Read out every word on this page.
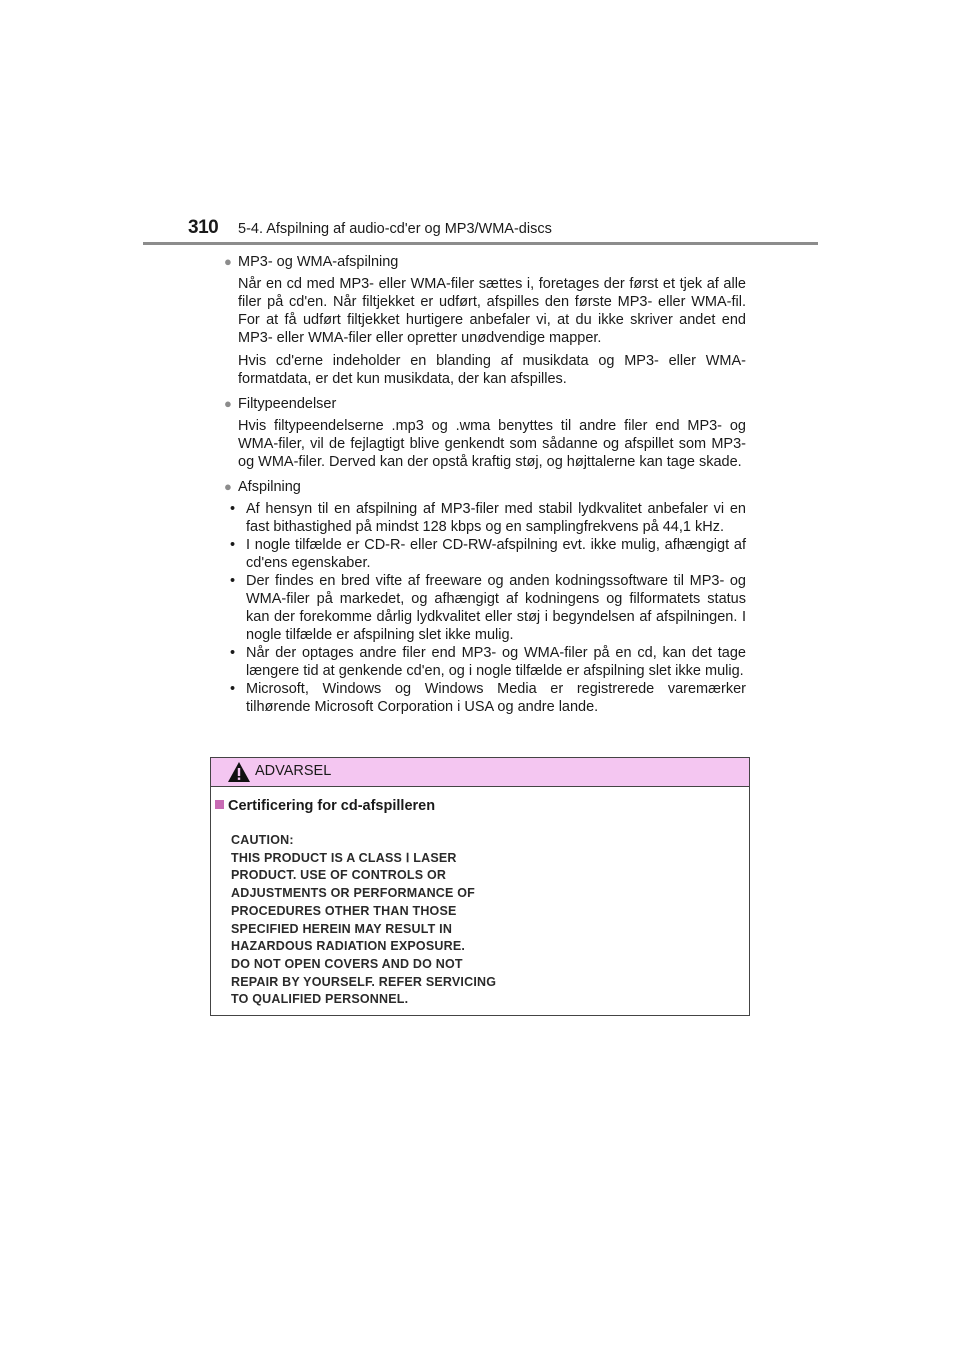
310 5-4. Afspilning af audio-cd'er og MP3/WMA-discs
● MP3- og WMA-afspilning

Når en cd med MP3- eller WMA-filer sættes i, foretages der først et tjek af alle filer på cd'en. Når filtjekket er udført, afspilles den første MP3- eller WMA-fil. For at få udført filtjekket hurtigere anbefaler vi, at du ikke skriver andet end MP3- eller WMA-filer eller opretter unødvendige mapper.

Hvis cd'erne indeholder en blanding af musikdata og MP3- eller WMA-formatdata, er det kun musikdata, der kan afspilles.

● Filtypeendelser

Hvis filtypeendelserne .mp3 og .wma benyttes til andre filer end MP3- og WMA-filer, vil de fejlagtigt blive genkendt som sådanne og afspillet som MP3- og WMA-filer. Derved kan der opstå kraftig støj, og højttalerne kan tage skade.

● Afspilning
• Af hensyn til en afspilning af MP3-filer med stabil lydkvalitet anbefaler vi en fast bithastighed på mindst 128 kbps og en samplingfrekvens på 44,1 kHz.
• I nogle tilfælde er CD-R- eller CD-RW-afspilning evt. ikke mulig, afhængigt af cd'ens egenskaber.
• Der findes en bred vifte af freeware og anden kodningssoftware til MP3- og WMA-filer på markedet, og afhængigt af kodningens og filformatets status kan der forekomme dårlig lydkvalitet eller støj i begyndelsen af afspilningen. I nogle tilfælde er afspilning slet ikke mulig.
• Når der optages andre filer end MP3- og WMA-filer på en cd, kan det tage længere tid at genkende cd'en, og i nogle tilfælde er afspilning slet ikke mulig.
• Microsoft, Windows og Windows Media er registrerede varemærker tilhørende Microsoft Corporation i USA og andre lande.
ADVARSEL
Certificering for cd-afspilleren
CAUTION:
THIS PRODUCT IS A CLASS Ⅰ LASER
PRODUCT. USE OF CONTROLS OR
ADJUSTMENTS OR PERFORMANCE OF
PROCEDURES OTHER THAN THOSE
SPECIFIED HEREIN MAY RESULT IN
HAZARDOUS RADIATION EXPOSURE.
DO NOT OPEN COVERS AND DO NOT
REPAIR BY YOURSELF. REFER SERVICING
TO QUALIFIED PERSONNEL.
